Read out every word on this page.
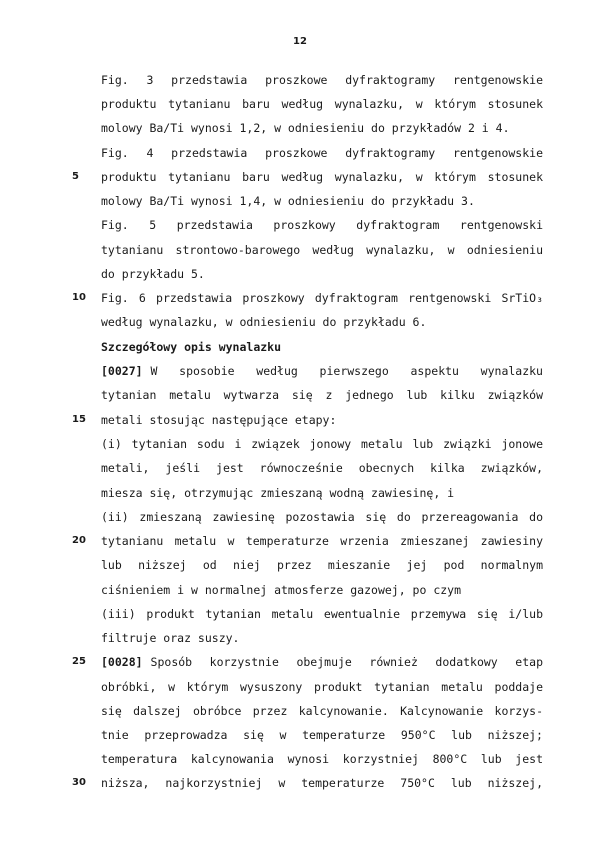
12
5
10
15
20
25
30
Fig. 3 przedstawia proszkowe dyfraktogramy rentgenowskie
produktu tytanianu baru według wynalazku, w którym stosunek
molowy Ba/Ti wynosi 1,2, w odniesieniu do przykładów 2 i 4.
Fig. 4 przedstawia proszkowe dyfraktogramy rentgenowskie
produktu tytanianu baru według wynalazku, w którym stosunek
molowy Ba/Ti wynosi 1,4, w odniesieniu do przykładu 3.
Fig. 5 przedstawia proszkowy dyfraktogram rentgenowski
tytanianu strontowo-barowego według wynalazku, w odniesieniu
do przykładu 5.
Fig. 6 przedstawia proszkowy dyfraktogram rentgenowski SrTiO₃
według wynalazku, w odniesieniu do przykładu 6.
Szczegółowy opis wynalazku
[0027] W sposobie według pierwszego aspektu wynalazku
tytanian metalu wytwarza się z jednego lub kilku związków
metali stosując następujące etapy:
(i) tytanian sodu i związek jonowy metalu lub związki jonowe
metali, jeśli jest równocześnie obecnych kilka związków,
miesza się, otrzymując zmieszaną wodną zawiesinę, i
(ii) zmieszaną zawiesinę pozostawia się do przereagowania do
tytanianu metalu w temperaturze wrzenia zmieszanej zawiesiny
lub niższej od niej przez mieszanie jej pod normalnym
ciśnieniem i w normalnej atmosferze gazowej, po czym
(iii) produkt tytanian metalu ewentualnie przemywa się i/lub
filtruje oraz suszy.
[0028] Sposób korzystnie obejmuje również dodatkowy etap
obróbki, w którym wysuszony produkt tytanian metalu poddaje
się dalszej obróbce przez kalcynowanie. Kalcynowanie korzys-
tnie przeprowadza się w temperaturze 950°C lub niższej;
temperatura kalcynowania wynosi korzystniej 800°C lub jest
niższa, najkorzystniej w temperaturze 750°C lub niższej,
